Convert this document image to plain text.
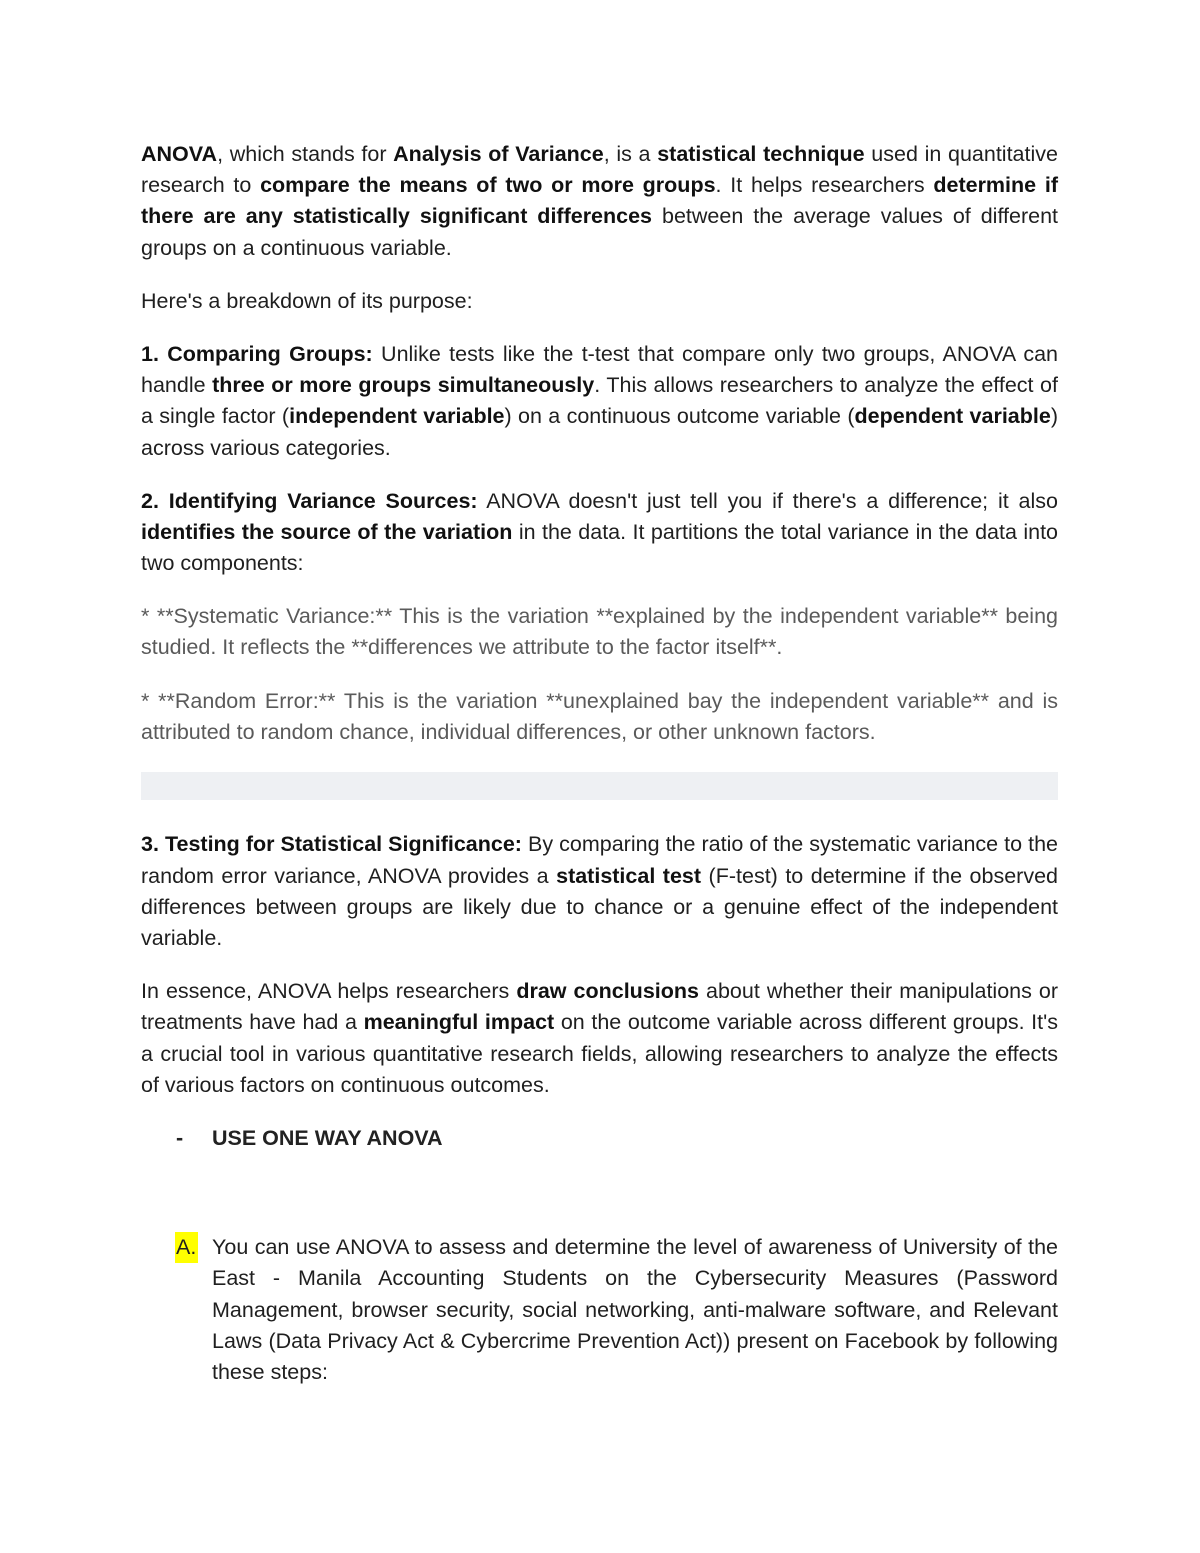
ANOVA, which stands for Analysis of Variance, is a statistical technique used in quantitative research to compare the means of two or more groups. It helps researchers determine if there are any statistically significant differences between the average values of different groups on a continuous variable.

Here's a breakdown of its purpose:

1. Comparing Groups: Unlike tests like the t-test that compare only two groups, ANOVA can handle three or more groups simultaneously. This allows researchers to analyze the effect of a single factor (independent variable) on a continuous outcome variable (dependent variable) across various categories.

2. Identifying Variance Sources: ANOVA doesn't just tell you if there's a difference; it also identifies the source of the variation in the data. It partitions the total variance in the data into two components:

* **Systematic Variance:** This is the variation **explained by the independent variable** being studied. It reflects the **differences we attribute to the factor itself**.

* **Random Error:** This is the variation **unexplained bay the independent variable** and is attributed to random chance, individual differences, or other unknown factors.

3. Testing for Statistical Significance: By comparing the ratio of the systematic variance to the random error variance, ANOVA provides a statistical test (F-test) to determine if the observed differences between groups are likely due to chance or a genuine effect of the independent variable.

In essence, ANOVA helps researchers draw conclusions about whether their manipulations or treatments have had a meaningful impact on the outcome variable across different groups. It's a crucial tool in various quantitative research fields, allowing researchers to analyze the effects of various factors on continuous outcomes.

- USE ONE WAY ANOVA
A. You can use ANOVA to assess and determine the level of awareness of University of the East - Manila Accounting Students on the Cybersecurity Measures (Password Management, browser security, social networking, anti-malware software, and Relevant Laws (Data Privacy Act & Cybercrime Prevention Act)) present on Facebook by following these steps:
